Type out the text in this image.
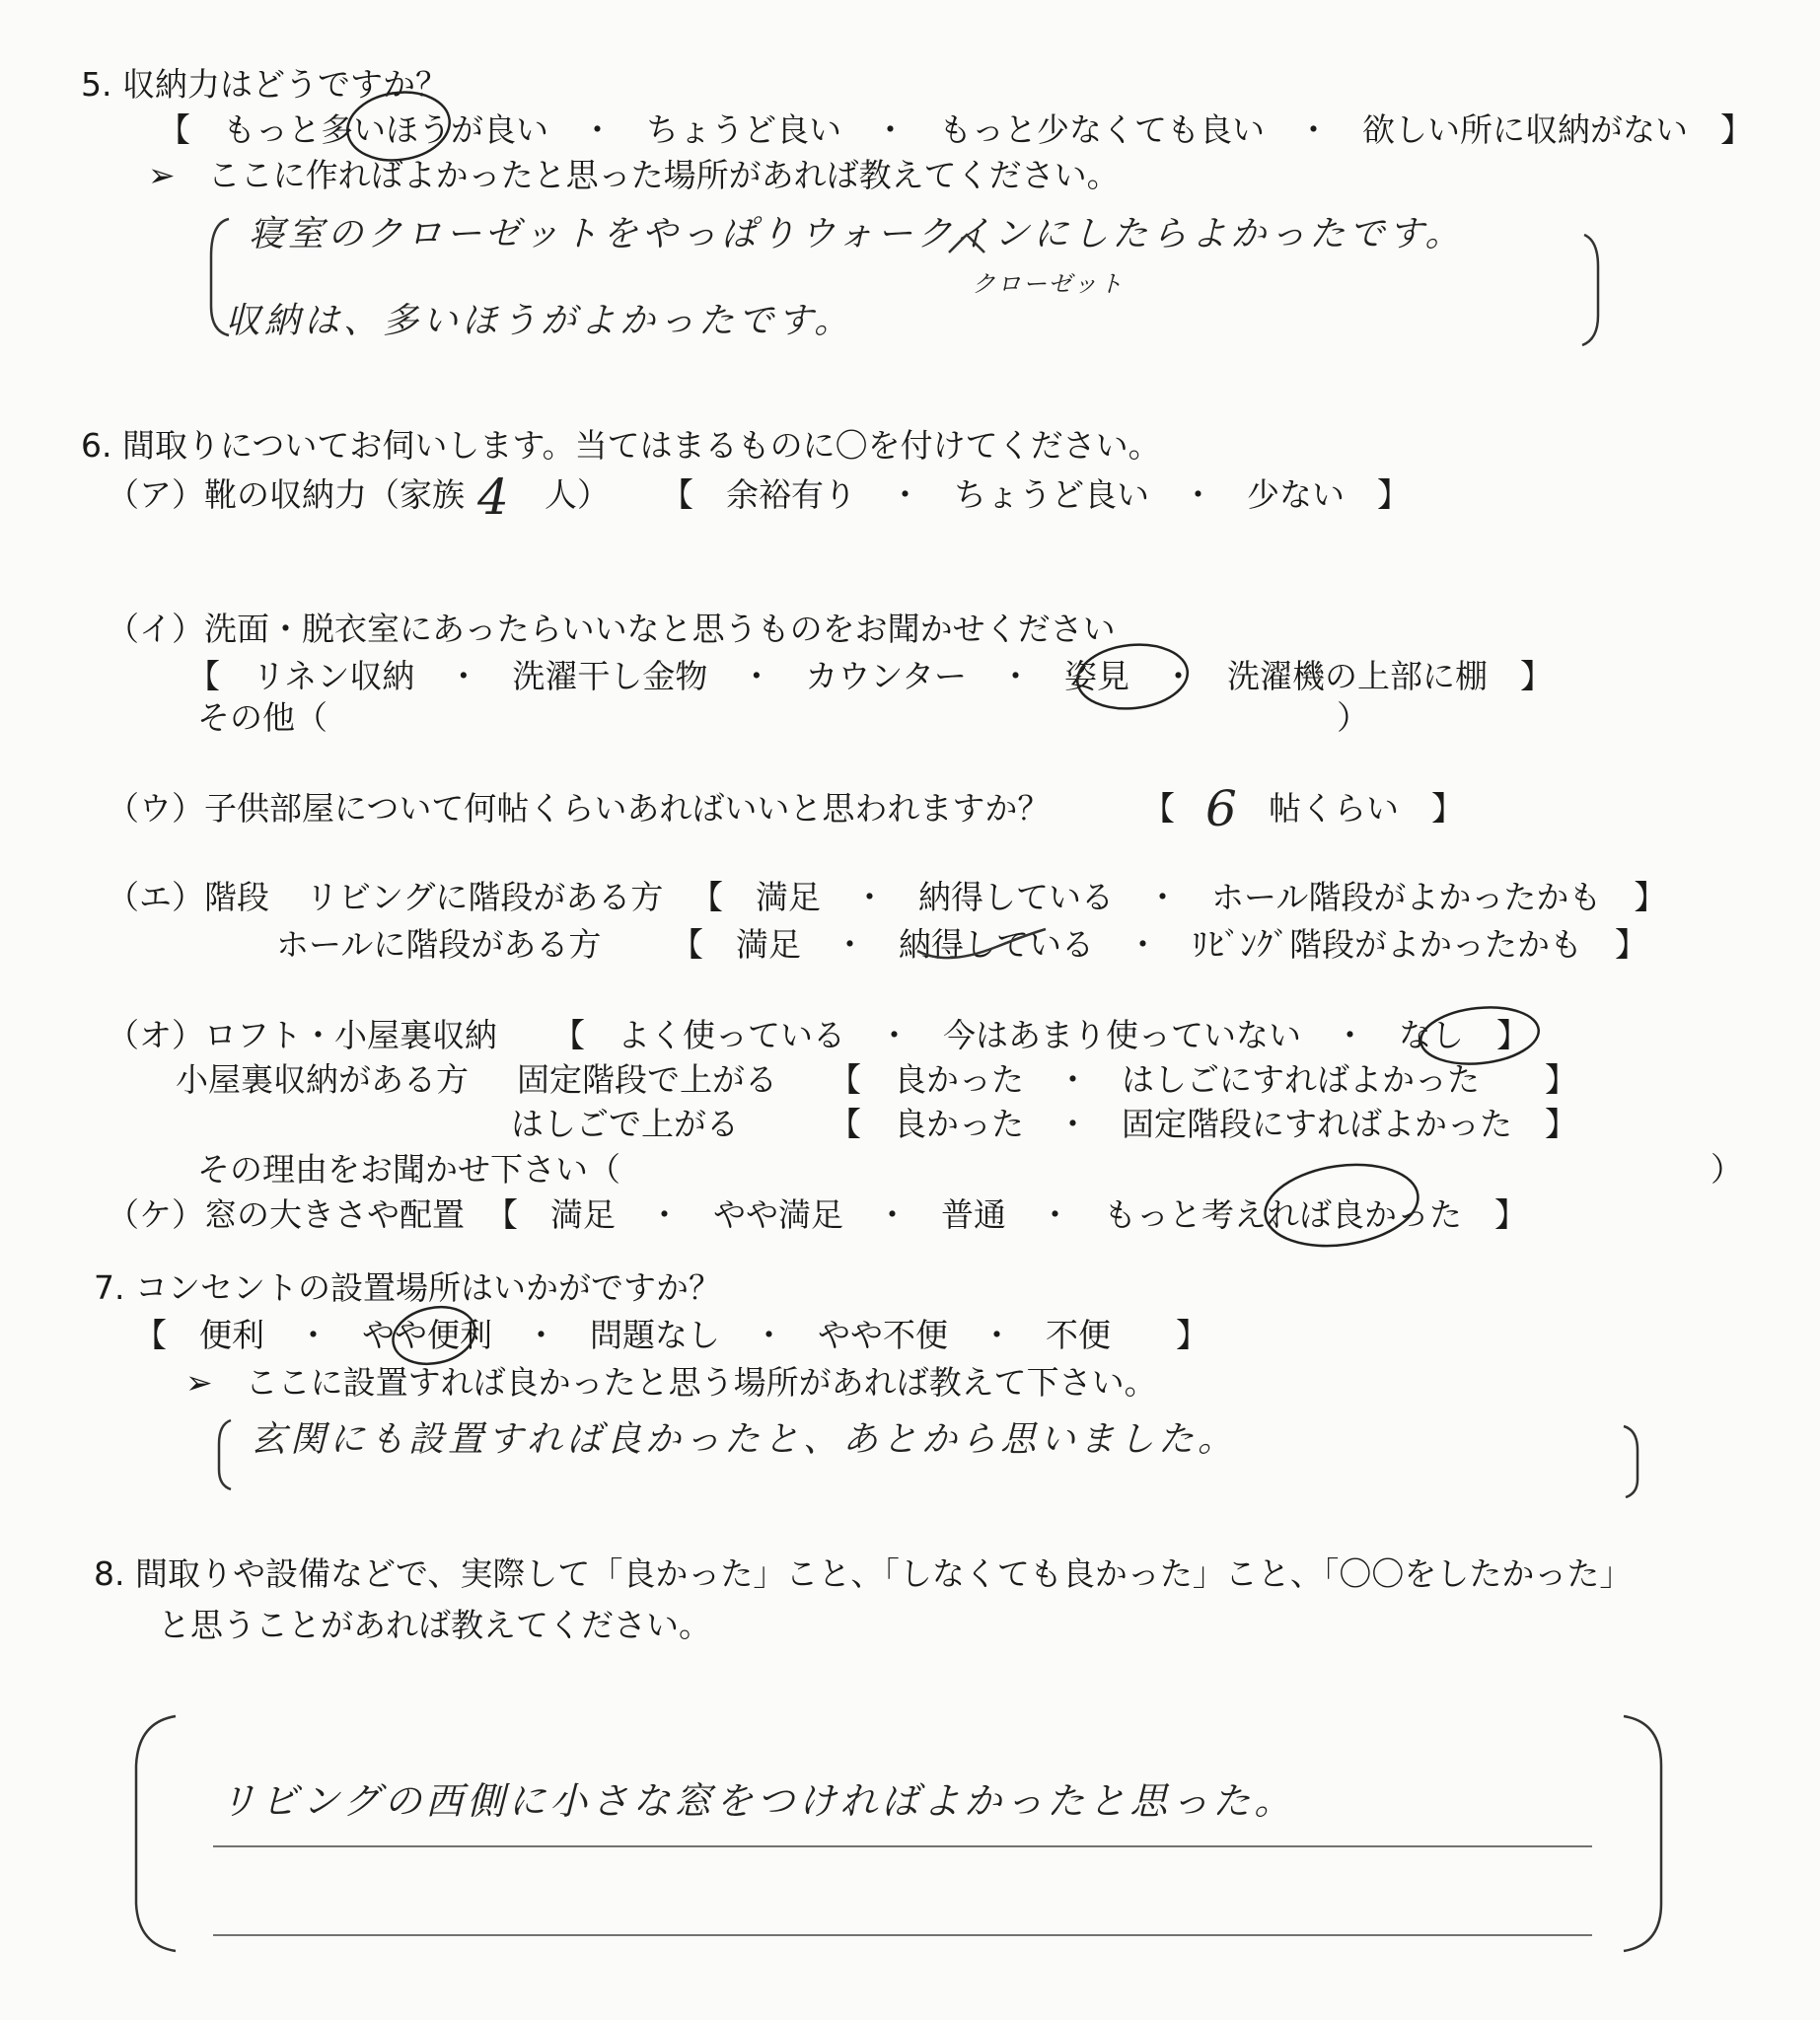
5. 収納力はどうですか？
【　もっと多いほうが良い　・　ちょうど良い　・　もっと少なくても良い　・　欲しい所に収納がない　】
➢　ここに作ればよかったと思った場所があれば教えてください。
寝室のクローゼットをやっぱりウォークインにしたらよかったです。
クローゼット
収納は、多いほうがよかったです。
6. 間取りについてお伺いします。当てはまるものに〇を付けてください。
（ア）靴の収納力（家族 4 人） 【　余裕有り　・　ちょうど良い　・　少ない　】
（イ）洗面・脱衣室にあったらいいなと思うものをお聞かせください
【　リネン収納　・　洗濯干し金物　・　カウンター　・　姿見　・　洗濯機の上部に棚　】
その他（　　　　　　　　　　　　　　　　　　　　　　　　　　　　　　　）
（ウ）子供部屋について何帖くらいあればいいと思われますか？	【 6 帖くらい　】
（エ）階段 リビングに階段がある方 【　満足　・　納得している　・　ホール階段がよかったかも　】
ホールに階段がある方 【　満足　・　納得している　・　ﾘﾋﾞﾝｸﾞ階段がよかったかも　】
（オ）ロフト・小屋裏収納 【　よく使っている　・　今はあまり使っていない　・　なし　】
小屋裏収納がある方 固定階段で上がる 【　良かった　・　はしごにすればよかった　　】
はしごで上がる	【　良かった　・　固定階段にすればよかった　】
その理由をお聞かせ下さい（	）
（ケ）窓の大きさや配置 【　満足　・　やや満足　・　普通　・　もっと考えれば良かった　】
7. コンセントの設置場所はいかがですか？
【　便利　・　やや便利　・　問題なし　・　やや不便　・　不便　　】
➢　ここに設置すれば良かったと思う場所があれば教えて下さい。
玄関にも設置すれば良かったと、あとから思いました。
8. 間取りや設備などで、実際して「良かった」こと、「しなくても良かった」こと、「〇〇をしたかった」
と思うことがあれば教えてください。
リビングの西側に小さな窓をつければよかったと思った。
